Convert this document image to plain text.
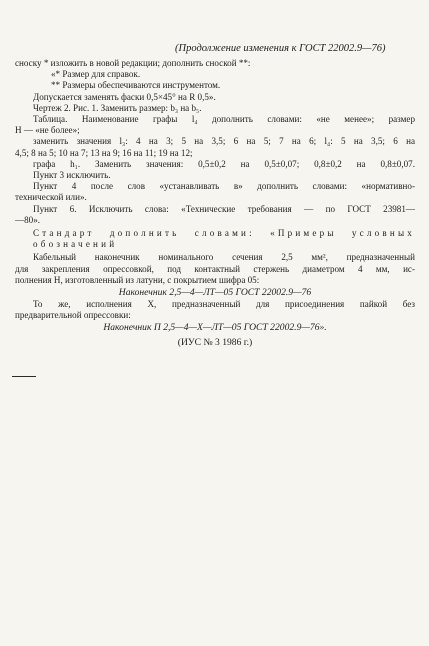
(Продолжение изменения к ГОСТ 22002.9—76)
сноску * изложить в новой редакции; дополнить сноской **:
«* Размер для справок.
** Размеры обеспечиваются инструментом.
Допускается заменять фаски 0,5×45° на R 0,5».
Чертеж 2. Рис. 1. Заменить размер: b₃ на b₅.
Таблица. Наименование графы l₄ дополнить словами: «не менее»; размер
H — «не более»;
заменить значения l₃: 4 на 3; 5 на 3,5; 6 на 5; 7 на 6; l₄: 5 на 3,5; 6 на
4,5; 8 на 5; 10 на 7; 13 на 9; 16 на 11; 19 на 12;
графа h₁. Заменить значения: 0,5±0,2 на 0,5±0,07; 0,8±0,2 на 0,8±0,07.
Пункт 3 исключить.
Пункт 4 после слов «устанавливать в» дополнить словами: «нормативно-
технической или».
Пункт 6. Исключить слова: «Технические требования — по ГОСТ 23981—
—80».
Стандарт дополнить словами: «Примеры условных обозначений
Кабельный наконечник номинального сечения 2,5 мм², предназначенный
для закрепления опрессовкой, под контактный стержень диаметром 4 мм, ис-
полнения H, изготовленный из латуни, с покрытием шифра 05:
Наконечник 2,5—4—ЛТ—05 ГОСТ 22002.9—76
То же, исполнения X, предназначенный для присоединения пайкой без
предварительной опрессовки:
Наконечник П 2,5—4—X—ЛТ—05 ГОСТ 22002.9—76».
(ИУС № 3 1986 г.)
